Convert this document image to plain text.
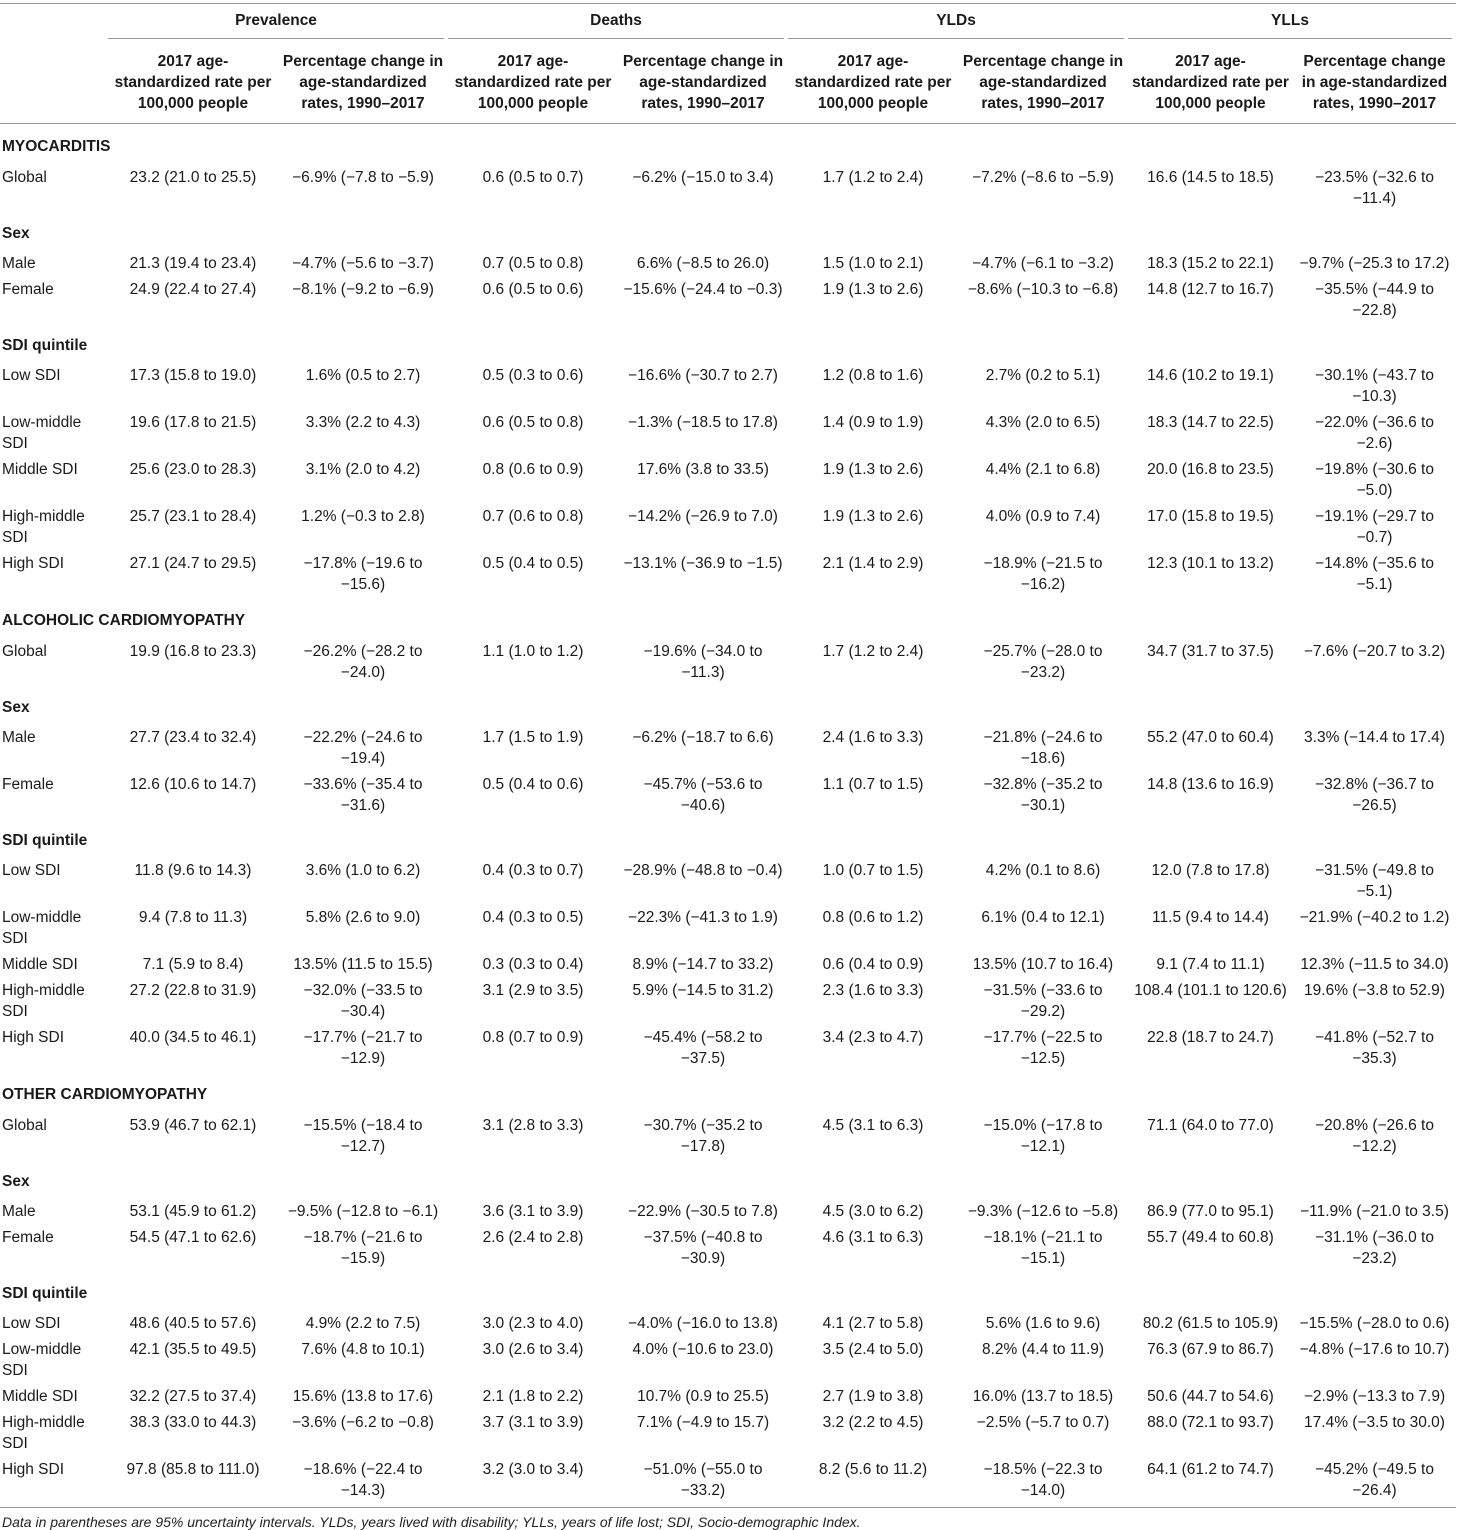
	Prevalence		Deaths		YLDs		YLLs	

	2017 age-standardized rate per 100,000 people	Percentage change in age-standardized rates, 1990–2017	2017 age-standardized rate per 100,000 people	Percentage change in age-standardized rates, 1990–2017	2017 age-standardized rate per 100,000 people	Percentage change in age-standardized rates, 1990–2017	2017 age-standardized rate per 100,000 people	Percentage change in age-standardized rates, 1990–2017
MYOCARDITIS								
Global	23.2 (21.0 to 25.5)	−6.9% (−7.8 to −5.9)	0.6 (0.5 to 0.7)	−6.2% (−15.0 to 3.4)	1.7 (1.2 to 2.4)	−7.2% (−8.6 to −5.9)	16.6 (14.5 to 18.5)	−23.5% (−32.6 to −11.4)
Sex								
Male	21.3 (19.4 to 23.4)	−4.7% (−5.6 to −3.7)	0.7 (0.5 to 0.8)	6.6% (−8.5 to 26.0)	1.5 (1.0 to 2.1)	−4.7% (−6.1 to −3.2)	18.3 (15.2 to 22.1)	−9.7% (−25.3 to 17.2)
Female	24.9 (22.4 to 27.4)	−8.1% (−9.2 to −6.9)	0.6 (0.5 to 0.6)	−15.6% (−24.4 to −0.3)	1.9 (1.3 to 2.6)	−8.6% (−10.3 to −6.8)	14.8 (12.7 to 16.7)	−35.5% (−44.9 to −22.8)
SDI quintile								
Low SDI	17.3 (15.8 to 19.0)	1.6% (0.5 to 2.7)	0.5 (0.3 to 0.6)	−16.6% (−30.7 to 2.7)	1.2 (0.8 to 1.6)	2.7% (0.2 to 5.1)	14.6 (10.2 to 19.1)	−30.1% (−43.7 to −10.3)
Low-middle SDI	19.6 (17.8 to 21.5)	3.3% (2.2 to 4.3)	0.6 (0.5 to 0.8)	−1.3% (−18.5 to 17.8)	1.4 (0.9 to 1.9)	4.3% (2.0 to 6.5)	18.3 (14.7 to 22.5)	−22.0% (−36.6 to −2.6)
Middle SDI	25.6 (23.0 to 28.3)	3.1% (2.0 to 4.2)	0.8 (0.6 to 0.9)	17.6% (3.8 to 33.5)	1.9 (1.3 to 2.6)	4.4% (2.1 to 6.8)	20.0 (16.8 to 23.5)	−19.8% (−30.6 to −5.0)
High-middle SDI	25.7 (23.1 to 28.4)	1.2% (−0.3 to 2.8)	0.7 (0.6 to 0.8)	−14.2% (−26.9 to 7.0)	1.9 (1.3 to 2.6)	4.0% (0.9 to 7.4)	17.0 (15.8 to 19.5)	−19.1% (−29.7 to −0.7)
High SDI	27.1 (24.7 to 29.5)	−17.8% (−19.6 to −15.6)	0.5 (0.4 to 0.5)	−13.1% (−36.9 to −1.5)	2.1 (1.4 to 2.9)	−18.9% (−21.5 to −16.2)	12.3 (10.1 to 13.2)	−14.8% (−35.6 to −5.1)
ALCOHOLIC CARDIOMYOPATHY								
Global	19.9 (16.8 to 23.3)	−26.2% (−28.2 to −24.0)	1.1 (1.0 to 1.2)	−19.6% (−34.0 to −11.3)	1.7 (1.2 to 2.4)	−25.7% (−28.0 to −23.2)	34.7 (31.7 to 37.5)	−7.6% (−20.7 to 3.2)
Sex								
Male	27.7 (23.4 to 32.4)	−22.2% (−24.6 to −19.4)	1.7 (1.5 to 1.9)	−6.2% (−18.7 to 6.6)	2.4 (1.6 to 3.3)	−21.8% (−24.6 to −18.6)	55.2 (47.0 to 60.4)	3.3% (−14.4 to 17.4)
Female	12.6 (10.6 to 14.7)	−33.6% (−35.4 to −31.6)	0.5 (0.4 to 0.6)	−45.7% (−53.6 to −40.6)	1.1 (0.7 to 1.5)	−32.8% (−35.2 to −30.1)	14.8 (13.6 to 16.9)	−32.8% (−36.7 to −26.5)
SDI quintile								
Low SDI	11.8 (9.6 to 14.3)	3.6% (1.0 to 6.2)	0.4 (0.3 to 0.7)	−28.9% (−48.8 to −0.4)	1.0 (0.7 to 1.5)	4.2% (0.1 to 8.6)	12.0 (7.8 to 17.8)	−31.5% (−49.8 to −5.1)
Low-middle SDI	9.4 (7.8 to 11.3)	5.8% (2.6 to 9.0)	0.4 (0.3 to 0.5)	−22.3% (−41.3 to 1.9)	0.8 (0.6 to 1.2)	6.1% (0.4 to 12.1)	11.5 (9.4 to 14.4)	−21.9% (−40.2 to 1.2)
Middle SDI	7.1 (5.9 to 8.4)	13.5% (11.5 to 15.5)	0.3 (0.3 to 0.4)	8.9% (−14.7 to 33.2)	0.6 (0.4 to 0.9)	13.5% (10.7 to 16.4)	9.1 (7.4 to 11.1)	12.3% (−11.5 to 34.0)
High-middle SDI	27.2 (22.8 to 31.9)	−32.0% (−33.5 to −30.4)	3.1 (2.9 to 3.5)	5.9% (−14.5 to 31.2)	2.3 (1.6 to 3.3)	−31.5% (−33.6 to −29.2)	108.4 (101.1 to 120.6)	19.6% (−3.8 to 52.9)
High SDI	40.0 (34.5 to 46.1)	−17.7% (−21.7 to −12.9)	0.8 (0.7 to 0.9)	−45.4% (−58.2 to −37.5)	3.4 (2.3 to 4.7)	−17.7% (−22.5 to −12.5)	22.8 (18.7 to 24.7)	−41.8% (−52.7 to −35.3)
OTHER CARDIOMYOPATHY								
Global	53.9 (46.7 to 62.1)	−15.5% (−18.4 to −12.7)	3.1 (2.8 to 3.3)	−30.7% (−35.2 to −17.8)	4.5 (3.1 to 6.3)	−15.0% (−17.8 to −12.1)	71.1 (64.0 to 77.0)	−20.8% (−26.6 to −12.2)
Sex								
Male	53.1 (45.9 to 61.2)	−9.5% (−12.8 to −6.1)	3.6 (3.1 to 3.9)	−22.9% (−30.5 to 7.8)	4.5 (3.0 to 6.2)	−9.3% (−12.6 to −5.8)	86.9 (77.0 to 95.1)	−11.9% (−21.0 to 3.5)
Female	54.5 (47.1 to 62.6)	−18.7% (−21.6 to −15.9)	2.6 (2.4 to 2.8)	−37.5% (−40.8 to −30.9)	4.6 (3.1 to 6.3)	−18.1% (−21.1 to −15.1)	55.7 (49.4 to 60.8)	−31.1% (−36.0 to −23.2)
SDI quintile								
Low SDI	48.6 (40.5 to 57.6)	4.9% (2.2 to 7.5)	3.0 (2.3 to 4.0)	−4.0% (−16.0 to 13.8)	4.1 (2.7 to 5.8)	5.6% (1.6 to 9.6)	80.2 (61.5 to 105.9)	−15.5% (−28.0 to 0.6)
Low-middle SDI	42.1 (35.5 to 49.5)	7.6% (4.8 to 10.1)	3.0 (2.6 to 3.4)	4.0% (−10.6 to 23.0)	3.5 (2.4 to 5.0)	8.2% (4.4 to 11.9)	76.3 (67.9 to 86.7)	−4.8% (−17.6 to 10.7)
Middle SDI	32.2 (27.5 to 37.4)	15.6% (13.8 to 17.6)	2.1 (1.8 to 2.2)	10.7% (0.9 to 25.5)	2.7 (1.9 to 3.8)	16.0% (13.7 to 18.5)	50.6 (44.7 to 54.6)	−2.9% (−13.3 to 7.9)
High-middle SDI	38.3 (33.0 to 44.3)	−3.6% (−6.2 to −0.8)	3.7 (3.1 to 3.9)	7.1% (−4.9 to 15.7)	3.2 (2.2 to 4.5)	−2.5% (−5.7 to 0.7)	88.0 (72.1 to 93.7)	17.4% (−3.5 to 30.0)
High SDI	97.8 (85.8 to 111.0)	−18.6% (−22.4 to −14.3)	3.2 (3.0 to 3.4)	−51.0% (−55.0 to −33.2)	8.2 (5.6 to 11.2)	−18.5% (−22.3 to −14.0)	64.1 (61.2 to 74.7)	−45.2% (−49.5 to −26.4)
Data in parentheses are 95% uncertainty intervals. YLDs, years lived with disability; YLLs, years of life lost; SDI, Socio-demographic Index.
